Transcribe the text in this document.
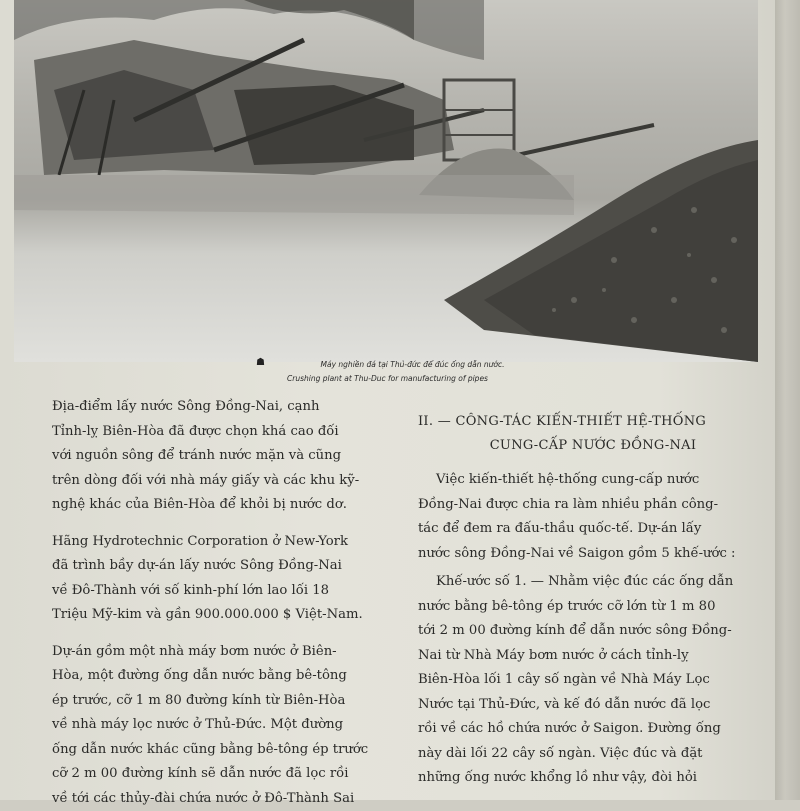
☗	Máy nghiền đá tại Thủ-đức để đúc ống dẫn nước.
Crushing plant at Thu-Duc for manufacturing of pipes

Địa-điểm lấy nước Sông Đồng-Nai, cạnh
Tỉnh-lỵ Biên-Hòa đã được chọn khá cao đối
với nguồn sông để tránh nước mặn và cũng
trên dòng đối với nhà máy giấy và các khu kỹ-
nghệ khác của Biên-Hòa để khỏi bị nước dơ.

Hãng Hydrotechnic Corporation ở New-York
đã trình bầy dự-án lấy nước Sông Đồng-Nai
về Đô-Thành với số kinh-phí lớn lao lối 18
Triệu Mỹ-kim và gần 900.000.000 $ Việt-Nam.

Dự-án gồm một nhà máy bơm nước ở Biên-
Hòa, một đường ống dẫn nước bằng bê-tông
ép trước, cỡ 1 m 80 đường kính từ Biên-Hòa
về nhà máy lọc nước ở Thủ-Đức. Một đường
ống dẫn nước khác cũng bằng bê-tông ép trước
cỡ 2 m 00 đường kính sẽ dẫn nước đã lọc rồi
về tới các thủy-đài chứa nước ở Đô-Thành Sai

II. — CÔNG-TÁC KIẾN-THIẾT HỆ-THỐNG
CUNG-CẤP NƯỚC ĐỒNG-NAI

Việc kiến-thiết hệ-thống cung-cấp nước
Đồng-Nai được chia ra làm nhiều phần công-
tác để đem ra đấu-thầu quốc-tế. Dự-án lấy
nước sông Đồng-Nai về Saigon gồm 5 khế-ước :

Khế-ước số 1. — Nhằm việc đúc các ống dẫn
nước bằng bê-tông ép trước cỡ lớn từ 1 m 80
tới 2 m 00 đường kính để dẫn nước sông Đồng-
Nai từ Nhà Máy bơm nước ở cách tỉnh-lỵ
Biên-Hòa lối 1 cây số ngàn về Nhà Máy Lọc
Nước tại Thủ-Đức, và kế đó dẫn nước đã lọc
rồi về các hồ chứa nước ở Saigon. Đường ống
này dài lối 22 cây số ngàn. Việc đúc và đặt
những ống nước khổng lồ như vậy, đòi hỏi
